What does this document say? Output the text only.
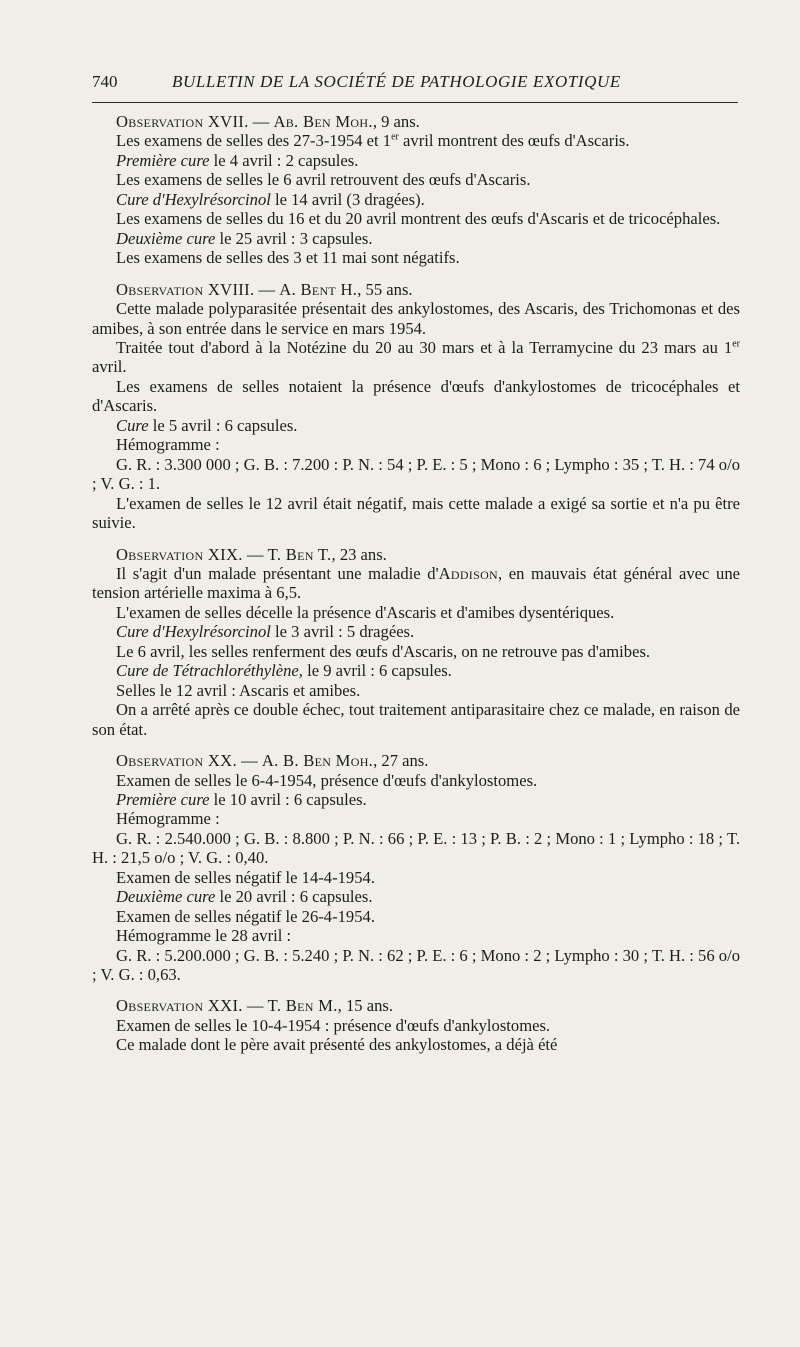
740	BULLETIN DE LA SOCIÉTÉ DE PATHOLOGIE EXOTIQUE
Observation XVII. — Ab. Ben Moh., 9 ans.
Les examens de selles des 27-3-1954 et 1er avril montrent des œufs d'Ascaris.
Première cure le 4 avril : 2 capsules.
Les examens de selles le 6 avril retrouvent des œufs d'Ascaris.
Cure d'Hexylrésorcinol le 14 avril (3 dragées).
Les examens de selles du 16 et du 20 avril montrent des œufs d'Ascaris et de tricocéphales.
Deuxième cure le 25 avril : 3 capsules.
Les examens de selles des 3 et 11 mai sont négatifs.
Observation XVIII. — A. Bent H., 55 ans.
Cette malade polyparasitée présentait des ankylostomes, des Ascaris, des Trichomonas et des amibes, à son entrée dans le service en mars 1954.
Traitée tout d'abord à la Notézine du 20 au 30 mars et à la Terramycine du 23 mars au 1er avril.
Les examens de selles notaient la présence d'œufs d'ankylostomes de tricocéphales et d'Ascaris.
Cure le 5 avril : 6 capsules.
Hémogramme :
G. R. : 3.300 000 ; G. B. : 7.200 : P. N. : 54 ; P. E. : 5 ; Mono : 6 ; Lympho : 35 ; T. H. : 74 o/o ; V. G. : 1.
L'examen de selles le 12 avril était négatif, mais cette malade a exigé sa sortie et n'a pu être suivie.
Observation XIX. — T. Ben T., 23 ans.
Il s'agit d'un malade présentant une maladie d'Addison, en mauvais état général avec une tension artérielle maxima à 6,5.
L'examen de selles décelle la présence d'Ascaris et d'amibes dysentériques.
Cure d'Hexylrésorcinol le 3 avril : 5 dragées.
Le 6 avril, les selles renferment des œufs d'Ascaris, on ne retrouve pas d'amibes.
Cure de Tétrachloréthylène, le 9 avril : 6 capsules.
Selles le 12 avril : Ascaris et amibes.
On a arrêté après ce double échec, tout traitement antiparasitaire chez ce malade, en raison de son état.
Observation XX. — A. B. Ben Moh., 27 ans.
Examen de selles le 6-4-1954, présence d'œufs d'ankylostomes.
Première cure le 10 avril : 6 capsules.
Hémogramme :
G. R. : 2.540.000 ; G. B. : 8.800 ; P. N. : 66 ; P. E. : 13 ; P. B. : 2 ; Mono : 1 ; Lympho : 18 ; T. H. : 21,5 o/o ; V. G. : 0,40.
Examen de selles négatif le 14-4-1954.
Deuxième cure le 20 avril : 6 capsules.
Examen de selles négatif le 26-4-1954.
Hémogramme le 28 avril :
G. R. : 5.200.000 ; G. B. : 5.240 ; P. N. : 62 ; P. E. : 6 ; Mono : 2 ; Lympho : 30 ; T. H. : 56 o/o ; V. G. : 0,63.
Observation XXI. — T. Ben M., 15 ans.
Examen de selles le 10-4-1954 : présence d'œufs d'ankylostomes.
Ce malade dont le père avait présenté des ankylostomes, a déjà été
